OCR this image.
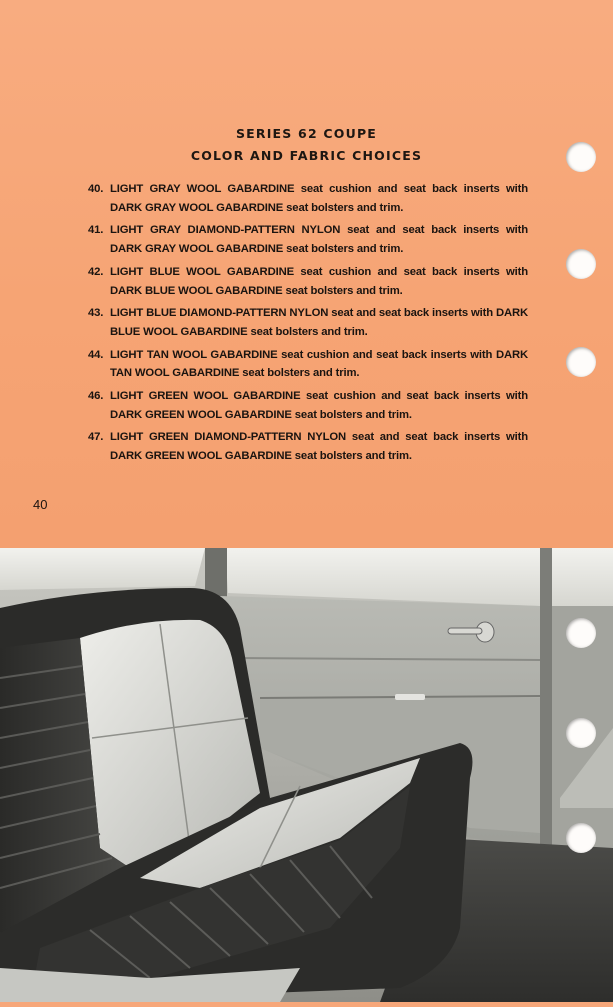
SERIES 62 COUPE
COLOR AND FABRIC CHOICES
40. LIGHT GRAY WOOL GABARDINE seat cushion and seat back inserts with DARK GRAY WOOL GABARDINE seat bolsters and trim.
41. LIGHT GRAY DIAMOND-PATTERN NYLON seat and seat back inserts with DARK GRAY WOOL GABARDINE seat bolsters and trim.
42. LIGHT BLUE WOOL GABARDINE seat cushion and seat back inserts with DARK BLUE WOOL GABARDINE seat bolsters and trim.
43. LIGHT BLUE DIAMOND-PATTERN NYLON seat and seat back inserts with DARK BLUE WOOL GABARDINE seat bolsters and trim.
44. LIGHT TAN WOOL GABARDINE seat cushion and seat back inserts with DARK TAN WOOL GABARDINE seat bolsters and trim.
46. LIGHT GREEN WOOL GABARDINE seat cushion and seat back inserts with DARK GREEN WOOL GABARDINE seat bolsters and trim.
47. LIGHT GREEN DIAMOND-PATTERN NYLON seat and seat back inserts with DARK GREEN WOOL GABARDINE seat bolsters and trim.
40
